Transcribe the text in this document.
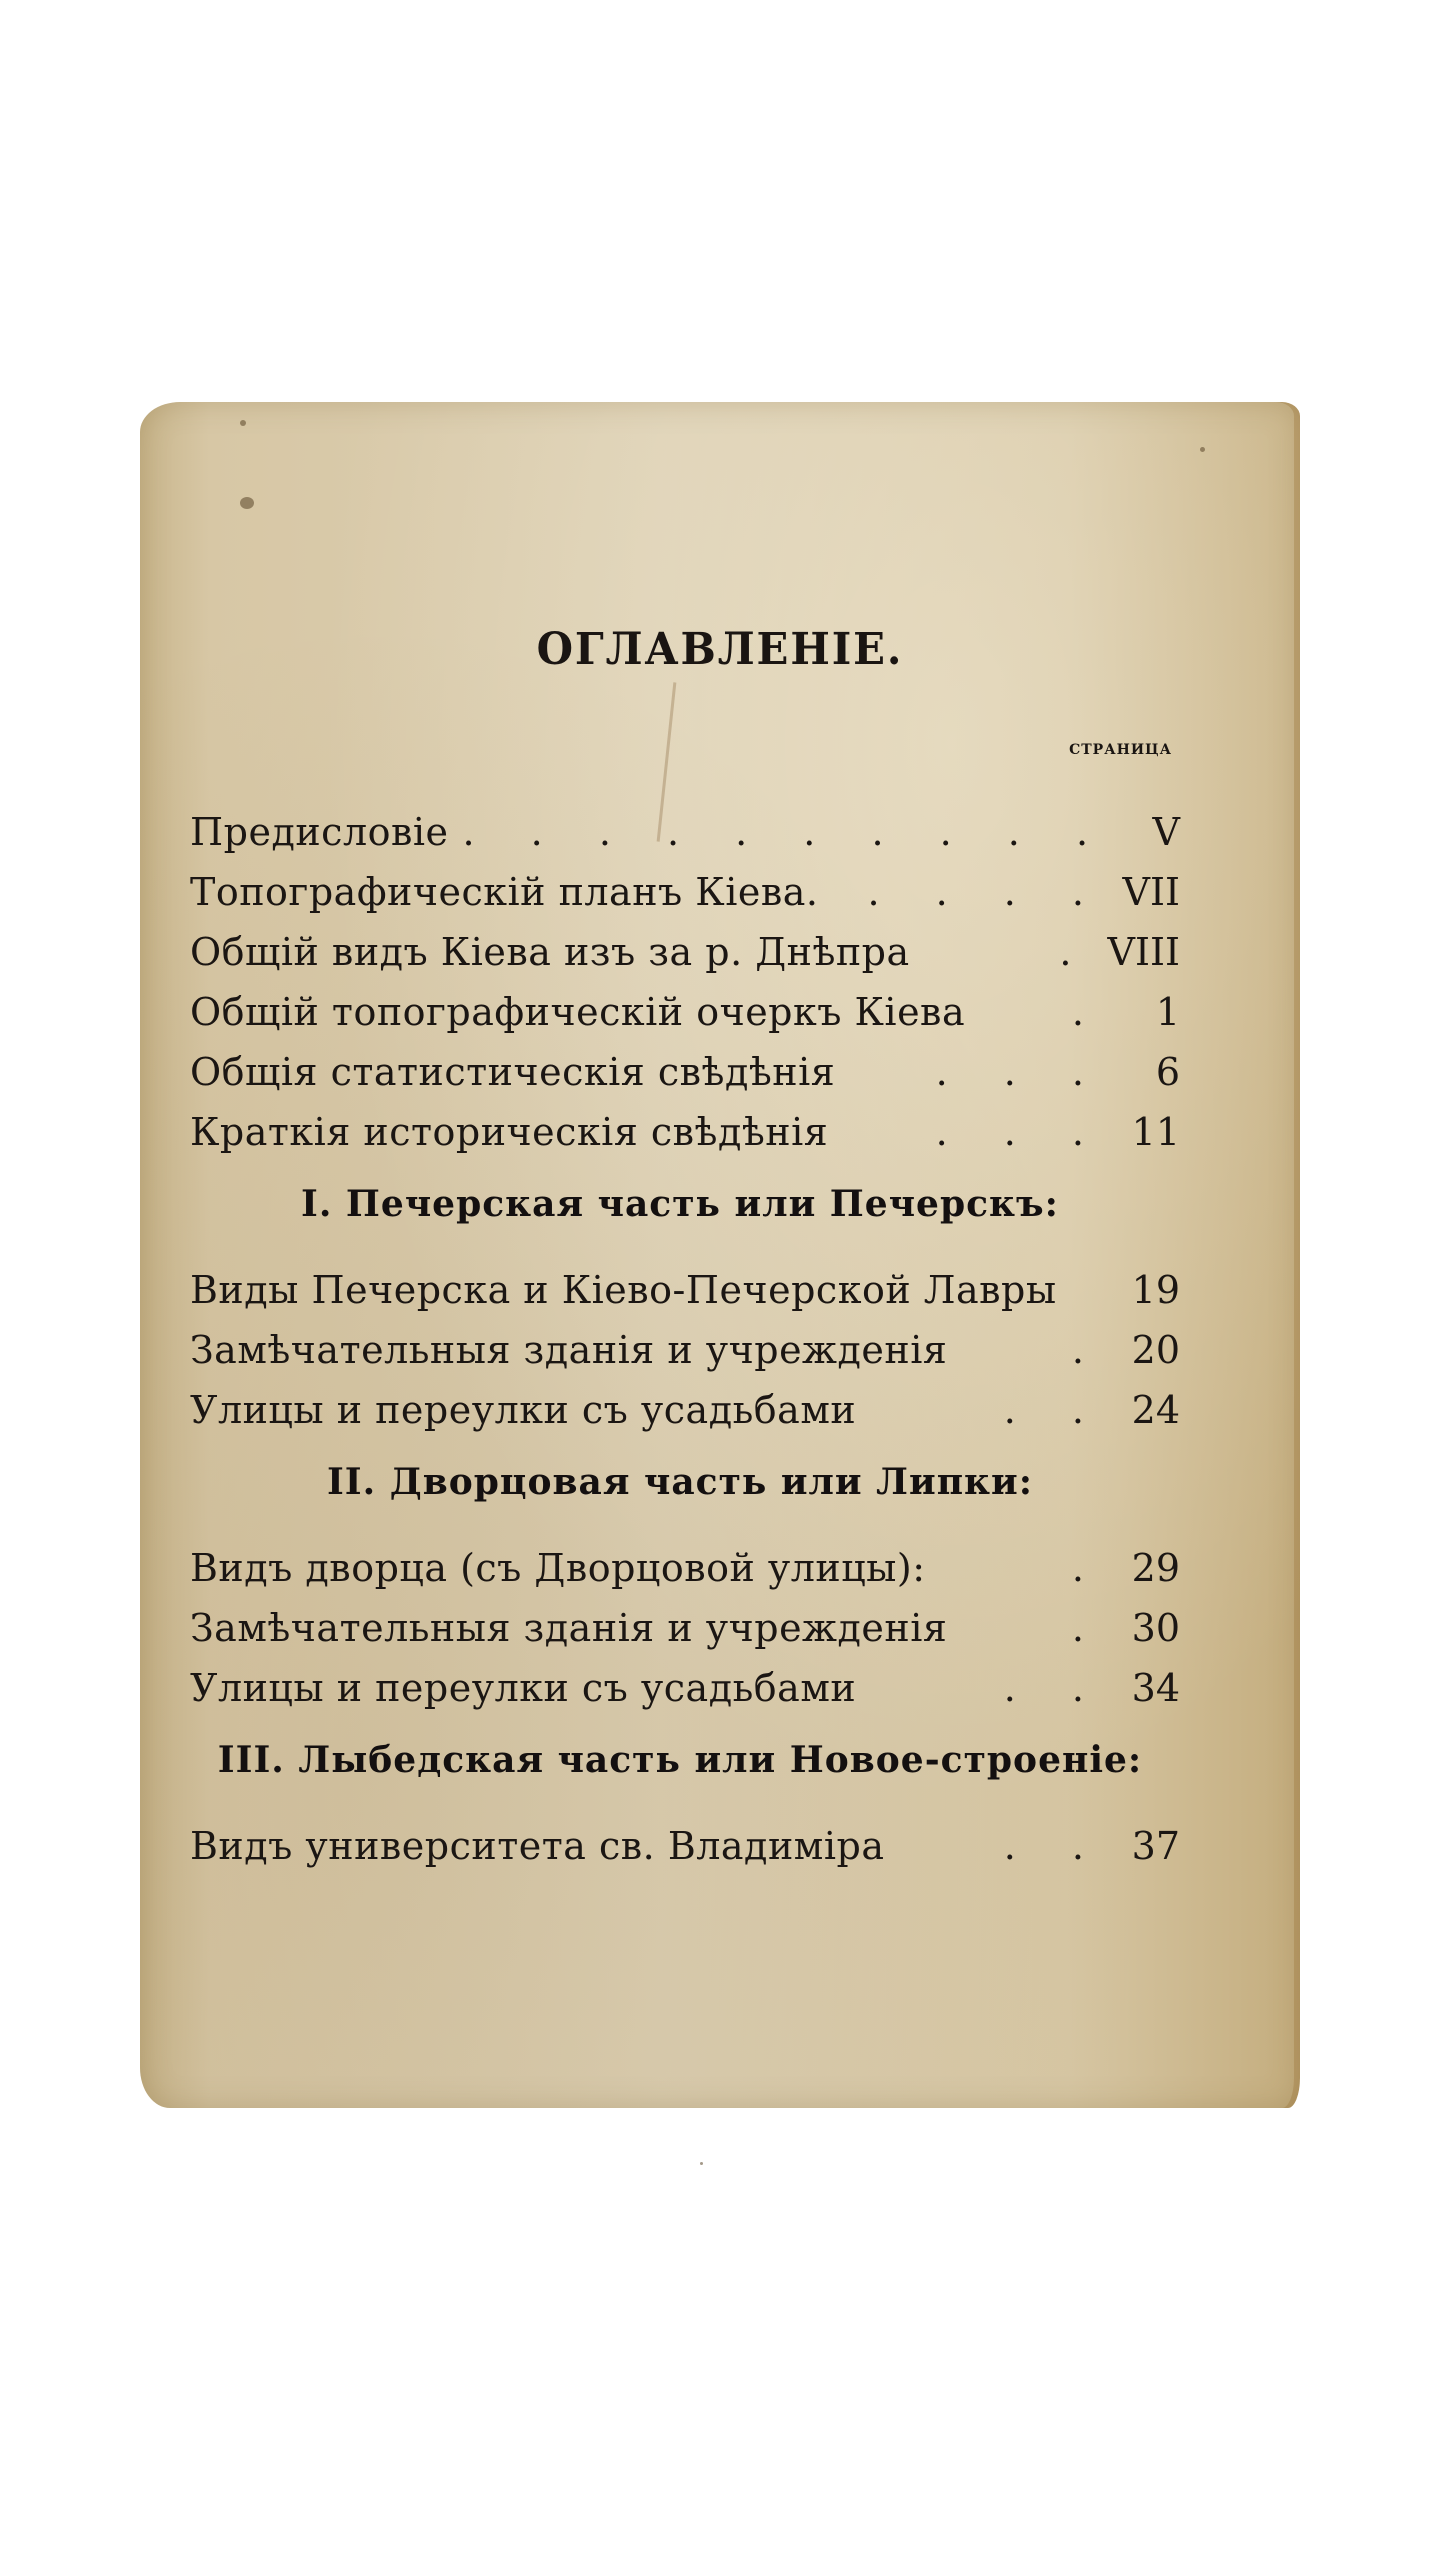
ОГЛАВЛЕНІЕ.
СТРАНИЦА
Предисловіе . . . . . . . . . .	V
Топографическій планъ Кіева.	. . . . VII
Общій видъ Кіева изъ за р. Днѣпра	. VIII
Общій топографическій очеркъ Кіева	.	1
Общія статистическія свѣдѣнія	. . .	6
Краткія историческія свѣдѣнія	. . . 11
I. Печерская часть или Печерскъ:
Виды Печерска и Кіево-Печерской Лавры	19
Замѣчательныя зданія и учрежденія	. 20
Улицы и переулки съ усадьбами	. . 24
II. Дворцовая часть или Липки:
Видъ дворца (съ Дворцовой улицы):	. 29
Замѣчательныя зданія и учрежденія	. 30
Улицы и переулки съ усадьбами	. . 34
III. Лыбедская часть или Новое-строеніе:
Видъ университета св. Владиміра	. . 37
